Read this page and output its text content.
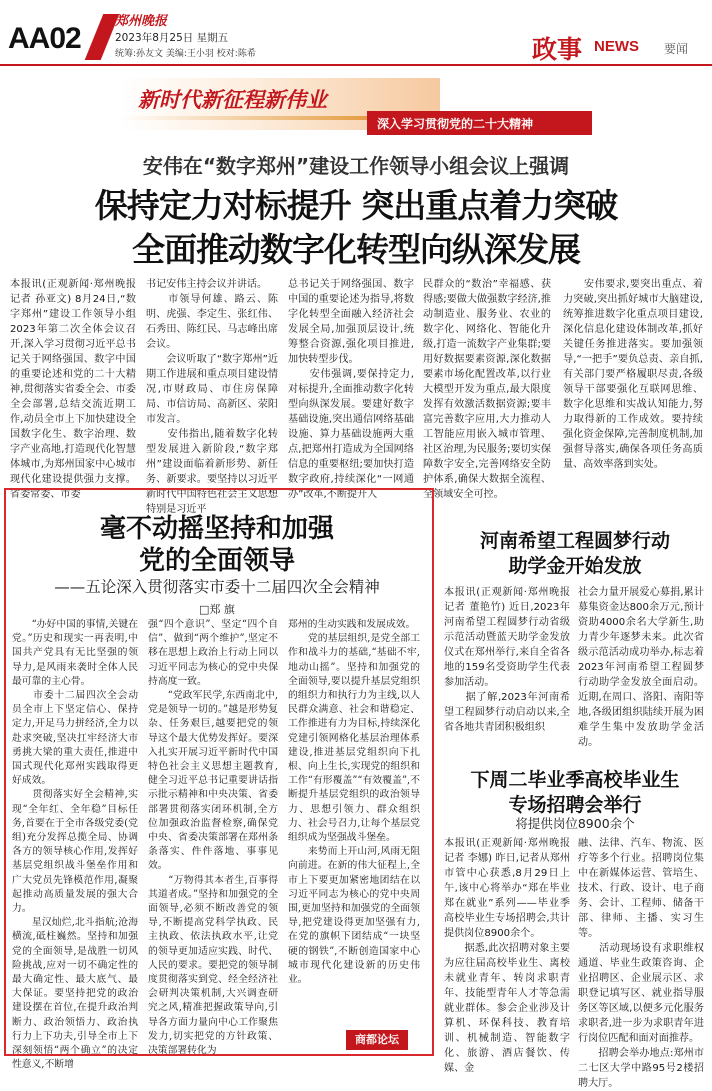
AA02
郑州晚报
2023年8月25日 星期五
统筹:孙友文 美编:王小羽 校对:陈希	政事 NEWS 要闻
新时代新征程新伟业
深入学习贯彻党的二十大精神
安伟在“数字郑州”建设工作领导小组会议上强调
保持定力对标提升 突出重点着力突破
全面推动数字化转型向纵深发展
本报讯(正观新闻·郑州晚报记者 孙亚文) 8月24日,“数字郑州”建设工作领导小组2023年第二次全体会议召开,深入学习贯彻习近平总书记关于网络强国、数字中国的重要论述和党的二十大精神,贯彻落实省委全会、市委全会部署,总结交流近期工作,动员全市上下加快建设全国数字化生、数字治理、数字产业高地,打造现代化智慧体城市,为郑州国家中心城市现代化建设提供强力支撑。省委常委、市委
书记安伟主持会议并讲话。
　　市领导何雄、路云、陈明、虎强、李定生、张红伟、石秀田、陈红民、马志峰出席会议。
　　会议听取了“数字郑州”近期工作进展和重点项目建设情况,市财政局、市住房保障局、市信访局、高新区、荥阳市发言。
　　安伟指出,随着数字化转型发展进入新阶段,“数字郑州”建设面临着新形势、新任务、新要求。要坚持以习近平新时代中国特色社会主义思想特别是习近平
总书记关于网络强国、数字中国的重要论述为指导,将数字化转型全面融入经济社会发展全局,加强顶层设计,统筹整合资源,强化项目推进,加快转型步伐。
　　安伟强调,要保持定力,对标提升,全面推动数字化转型向纵深发展。要建好数字基础设施,突出通信网络基础设施、算力基础设施两大重点,把郑州打造成为全国网络信息的重要枢纽;要加快打造数字政府,持续深化“一网通办”改革,不断提升人
民群众的“数治”幸福感、获得感;要做大做强数字经济,推动制造业、服务业、农业的数字化、网络化、智能化升级,打造一流数字产业集群;要用好数据要素资源,深化数据要素市场化配置改革,以行业大模型开发为重点,最大限度发挥有效激活数据资源;要丰富完善数字应用,大力推动人工智能应用嵌入城市管理、社区治理,为民服务;要切实保障数字安全,完善网络安全防护体系,确保大数据全流程、全领域安全可控。
　　安伟要求,要突出重点、着力突破,突出抓好城市大脑建设,统筹推进数字化重点项目建设,深化信息化建设体制改革,抓好关键任务推进落实。要加强领导,“一把手”要负总责、亲自抓,有关部门要严格履职尽责,各级领导干部要强化互联网思维、数字化思维和实战认知能力,努力取得新的工作成效。要持续强化资金保障,完善制度机制,加强督导落实,确保各项任务高质量、高效率落到实处。
毫不动摇坚持和加强
党的全面领导
——五论深入贯彻落实市委十二届四次全会精神
□郑 旗
　　“办好中国的事情,关键在党。”历史和现实一再表明,中国共产党具有无比坚强的领导力,是风雨来袭时全体人民最可靠的主心骨。
　　市委十二届四次全会动员全市上下坚定信心、保持定力,开足马力拼经济,全力以赴求突破,坚决扛牢经济大市勇挑大梁的重大责任,推进中国式现代化郑州实践取得更好成效。
　　贯彻落实好全会精神,实现“全年红、全年稳”目标任务,首要在于全市各级党委(党组)充分发挥总揽全局、协调各方的领导核心作用,发挥好基层党组织战斗堡垒作用和广大党员先锋模范作用,凝聚起推动高质量发展的强大合力。
　　星汉灿烂,北斗指航;沧海横流,砥柱巍然。坚持和加强党的全面领导,是战胜一切风险挑战,应对一切不确定性的最大确定性、最大底气、最大保证。要坚持把党的政治建设摆在首位,在提升政治判断力、政治领悟力、政治执行力上下功夫,引导全市上下深刻领悟“两个确立”的决定性意义,不断增
强“四个意识”、坚定“四个自信”、做到“两个维护”,坚定不移在思想上政治上行动上同以习近平同志为核心的党中央保持高度一致。
　　“党政军民学,东西南北中,党是领导一切的。”越是形势复杂、任务艰巨,越要把党的领导这个最大优势发挥好。要深入扎实开展习近平新时代中国特色社会主义思想主题教育,健全习近平总书记重要讲话指示批示精神和中央决策、省委部署贯彻落实闭环机制,全方位加强政治监督检察,确保党中央、省委决策部署在郑州条条落实、件件落地、事事见效。
　　“万物得其本者生,百事得其道者成。”坚持和加强党的全面领导,必须不断改善党的领导,不断提高党科学执政、民主执政、依法执政水平,让党的领导更加适应实践、时代、人民的要求。要把党的领导制度贯彻落实到党、经全经济社会研判决策机制,大兴调查研究之风,精准把握政策导向,引导各方面力量向中心工作聚焦发力,切实把党的方针政策、决策部署转化为
郑州的生动实践和发展成效。
　　党的基层组织,是党全部工作和战斗力的基础,“基础不牢,地动山摇”。坚持和加强党的全面领导,要以提升基层党组织的组织力和执行力为主线,以人民群众满意、社会和谐稳定、工作推进有力为目标,持续深化党建引领网格化基层治理体系建设,推进基层党组织向下扎根、向上生长,实现党的组织和工作“有形覆盖”“有效覆盖”,不断提升基层党组织的政治领导力、思想引领力、群众组织力、社会号召力,让每个基层党组织成为坚强战斗堡垒。
　　来势而上开山河,风雨无阻向前进。在新的伟大征程上,全市上下要更加紧密地团结在以习近平同志为核心的党中央周围,更加坚持和加强党的全面领导,把党建设得更加坚强有力,在党的旗帜下团结成“一块坚硬的钢铁”,不断创造国家中心城市现代化建设新的历史伟业。
商都论坛
河南希望工程圆梦行动
助学金开始发放
本报讯(正观新闻·郑州晚报记者 董艳竹) 近日,2023年河南希望工程圆梦行动省级示范活动暨蓝天助学金发放仪式在郑州举行,来自全省各地的159名受资助学生代表参加活动。
　　据了解,2023年河南希望工程圆梦行动启动以来,全省各地共青团积极组织
社会力量开展爱心募捐,累计募集资金达800余万元,预计资助4000余名大学新生,助力青少年逐梦未来。此次省级示范活动成功举办,标志着2023年河南希望工程圆梦行动助学金发放全面启动。近期,在周口、洛阳、南阳等地,各级团组织陆续开展为困难学生集中发放助学金活动。
下周二毕业季高校毕业生
专场招聘会举行
将提供岗位8900余个
本报讯(正观新闻·郑州晚报记者 李娜) 昨日,记者从郑州市管中心获悉,8月29日上午,该中心将举办“郑在毕业 郑在就业”系列——毕业季高校毕业生专场招聘会,共计提供岗位8900余个。
　　据悉,此次招聘对象主要为应往届高校毕业生、离校未就业青年、转岗求职青年、技能型青年人才等急需就业群体。参会企业涉及计算机、环保科技、教育培训、机械制造、智能数字化、旅游、酒店餐饮、传媒、金
融、法律、汽车、物流、医疗等多个行业。招聘岗位集中在新媒体运营、管培生、技术、行政、设计、电子商务、会计、工程师、储备干部、律师、主播、实习生等。
　　活动现场设有求职维权通道、毕业生政策咨询、企业招聘区、企业展示区、求职登记填写区、就业指导服务区等区域,以便多元化服务求职者,进一步为求职青年进行岗位匹配和面对面推荐。
　　招聘会举办地点:郑州市二七区大学中路95号2楼招聘大厅。
